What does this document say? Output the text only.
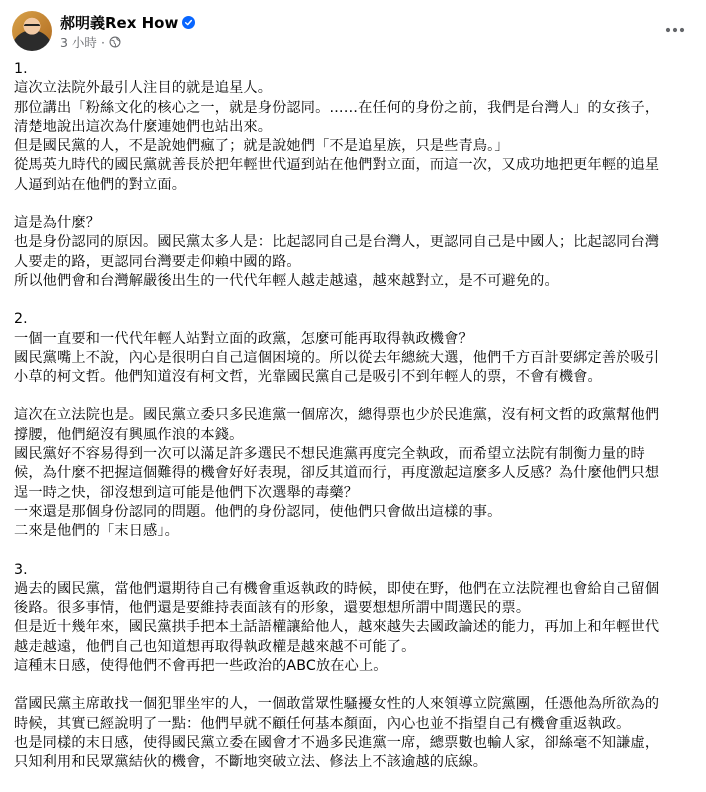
郝明義Rex How
3 小時 ·
1.
這次立法院外最引人注目的就是追星人。
那位講出「粉絲文化的核心之一，就是身份認同。……在任何的身份之前，我們是台灣人」的女孩子，
清楚地說出這次為什麼連她們也站出來。
但是國民黨的人，不是說她們瘋了；就是說她們「不是追星族，只是些青鳥。」
從馬英九時代的國民黨就善長於把年輕世代逼到站在他們對立面，而這一次，又成功地把更年輕的追星
人逼到站在他們的對立面。
這是為什麼？
也是身份認同的原因。國民黨太多人是：比起認同自己是台灣人，更認同自己是中國人；比起認同台灣
人要走的路，更認同台灣要走仰賴中國的路。
所以他們會和台灣解嚴後出生的一代代年輕人越走越遠，越來越對立，是不可避免的。
2.
一個一直要和一代代年輕人站對立面的政黨，怎麼可能再取得執政機會？
國民黨嘴上不說，內心是很明白自己這個困境的。所以從去年總統大選，他們千方百計要綁定善於吸引
小草的柯文哲。他們知道沒有柯文哲，光靠國民黨自己是吸引不到年輕人的票，不會有機會。
這次在立法院也是。國民黨立委只多民進黨一個席次，總得票也少於民進黨，沒有柯文哲的政黨幫他們
撐腰，他們絕沒有興風作浪的本錢。
國民黨好不容易得到一次可以滿足許多選民不想民進黨再度完全執政，而希望立法院有制衡力量的時
候，為什麼不把握這個難得的機會好好表現，卻反其道而行，再度激起這麼多人反感？為什麼他們只想
逞一時之快，卻沒想到這可能是他們下次選舉的毒藥？
一來還是那個身份認同的問題。他們的身份認同，使他們只會做出這樣的事。
二來是他們的「末日感」。
3.
過去的國民黨，當他們還期待自己有機會重返執政的時候，即使在野，他們在立法院裡也會給自己留個
後路。很多事情，他們還是要維持表面該有的形象，還要想想所謂中間選民的票。
但是近十幾年來，國民黨拱手把本土話語權讓給他人，越來越失去國政論述的能力，再加上和年輕世代
越走越遠，他們自己也知道想再取得執政權是越來越不可能了。
這種末日感，使得他們不會再把一些政治的ABC放在心上。
當國民黨主席敢找一個犯罪坐牢的人，一個敢當眾性騷擾女性的人來領導立院黨團，任憑他為所欲為的
時候，其實已經說明了一點：他們早就不顧任何基本顏面，內心也並不指望自己有機會重返執政。
也是同樣的末日感，使得國民黨立委在國會才不過多民進黨一席，總票數也輸人家，卻絲毫不知謙虛，
只知利用和民眾黨結伙的機會，不斷地突破立法、修法上不該逾越的底線。
